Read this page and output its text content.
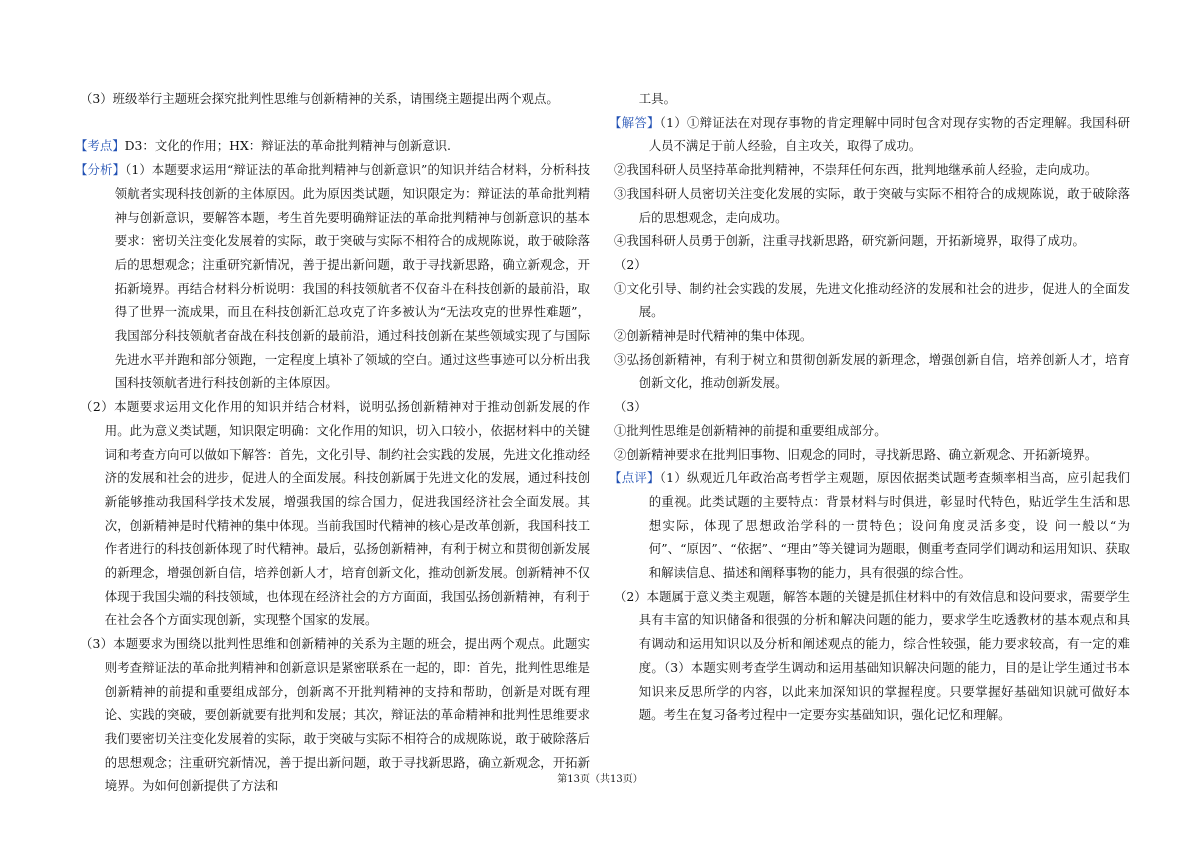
（3）班级举行主题班会探究批判性思维与创新精神的关系，请围绕主题提出两个观点。

【考点】D3：文化的作用；HX：辩证法的革命批判精神与创新意识.

【分析】（1）本题要求运用“辩证法的革命批判精神与创新意识”的知识并结合材料，分析科技领航者实现科技创新的主体原因。此为原因类试题，知识限定为：辩证法的革命批判精神与创新意识，要解答本题，考生首先要明确辩证法的革命批判精神与创新意识的基本要求：密切关注变化发展着的实际，敢于突破与实际不相符合的成规陈说，敢于破除落后的思想观念；注重研究新情况，善于提出新问题，敢于寻找新思路，确立新观念，开拓新境界。再结合材料分析说明：我国的科技领航者不仅奋斗在科技创新的最前沿，取得了世界一流成果，而且在科技创新汇总攻克了许多被认为“无法攻克的世界性难题”，我国部分科技领航者奋战在科技创新的最前沿，通过科技创新在某些领域实现了与国际先进水平并跑和部分领跑，一定程度上填补了领域的空白。通过这些事迹可以分析出我国科技领航者进行科技创新的主体原因。

（2）本题要求运用文化作用的知识并结合材料，说明弘扬创新精神对于推动创新发展的作用。此为意义类试题，知识限定明确：文化作用的知识，切入口较小，依据材料中的关键词和考查方向可以做如下解答：首先，文化引导、制约社会实践的发展，先进文化推动经济的发展和社会的进步，促进人的全面发展。科技创新属于先进文化的发展，通过科技创新能够推动我国科学技术发展，增强我国的综合国力，促进我国经济社会全面发展。其次，创新精神是时代精神的集中体现。当前我国时代精神的核心是改革创新，我国科技工作者进行的科技创新体现了时代精神。最后，弘扬创新精神，有利于树立和贯彻创新发展的新理念，增强创新自信，培养创新人才，培育创新文化，推动创新发展。创新精神不仅体现于我国尖端的科技领域，也体现在经济社会的方方面面，我国弘扬创新精神，有利于在社会各个方面实现创新，实现整个国家的发展。

（3）本题要求为围绕以批判性思维和创新精神的关系为主题的班会，提出两个观点。此题实则考查辩证法的革命批判精神和创新意识是紧密联系在一起的，即：首先，批判性思维是创新精神的前提和重要组成部分，创新离不开批判精神的支持和帮助，创新是对既有理论、实践的突破，要创新就要有批判和发展；其次，辩证法的革命精神和批判性思维要求我们要密切关注变化发展着的实际，敢于突破与实际不相符合的成规陈说，敢于破除落后的思想观念；注重研究新情况，善于提出新问题，敢于寻找新思路，确立新观念，开拓新境界。为如何创新提供了方法和

工具。

【解答】（1）①辩证法在对现存事物的肯定理解中同时包含对现存实物的否定理解。我国科研人员不满足于前人经验，自主攻关，取得了成功。

②我国科研人员坚持革命批判精神，不崇拜任何东西，批判地继承前人经验，走向成功。

③我国科研人员密切关注变化发展的实际，敢于突破与实际不相符合的成规陈说，敢于破除落后的思想观念，走向成功。

④我国科研人员勇于创新，注重寻找新思路，研究新问题，开拓新境界，取得了成功。

（2）

①文化引导、制约社会实践的发展，先进文化推动经济的发展和社会的进步，促进人的全面发展。

②创新精神是时代精神的集中体现。

③弘扬创新精神，有利于树立和贯彻创新发展的新理念，增强创新自信，培养创新人才，培育创新文化，推动创新发展。

（3）

①批判性思维是创新精神的前提和重要组成部分。

②创新精神要求在批判旧事物、旧观念的同时，寻找新思路、确立新观念、开拓新境界。

【点评】（1）纵观近几年政治高考哲学主观题，原因依据类试题考查频率相当高，应引起我们的重视。此类试题的主要特点：背景材料与时俱进，彰显时代特色，贴近学生生活和思想实际，体现了思想政治学科的一贯特色；设问角度灵活多变，设 问一般以“为何”、“原因”、“依据”、“理由”等关键词为题眼，侧重考查同学们调动和运用知识、获取和解读信息、描述和阐释事物的能力，具有很强的综合性。

（2）本题属于意义类主观题，解答本题的关键是抓住材料中的有效信息和设问要求，需要学生具有丰富的知识储备和很强的分析和解决问题的能力，要求学生吃透教材的基本观点和具有调动和运用知识以及分析和阐述观点的能力，综合性较强，能力要求较高，有一定的难度。（3）本题实则考查学生调动和运用基础知识解决问题的能力，目的是让学生通过书本知识来反思所学的内容，以此来加深知识的掌握程度。只要掌握好基础知识就可做好本题。考生在复习备考过程中一定要夯实基础知识，强化记忆和理解。

第13页（共13页）
